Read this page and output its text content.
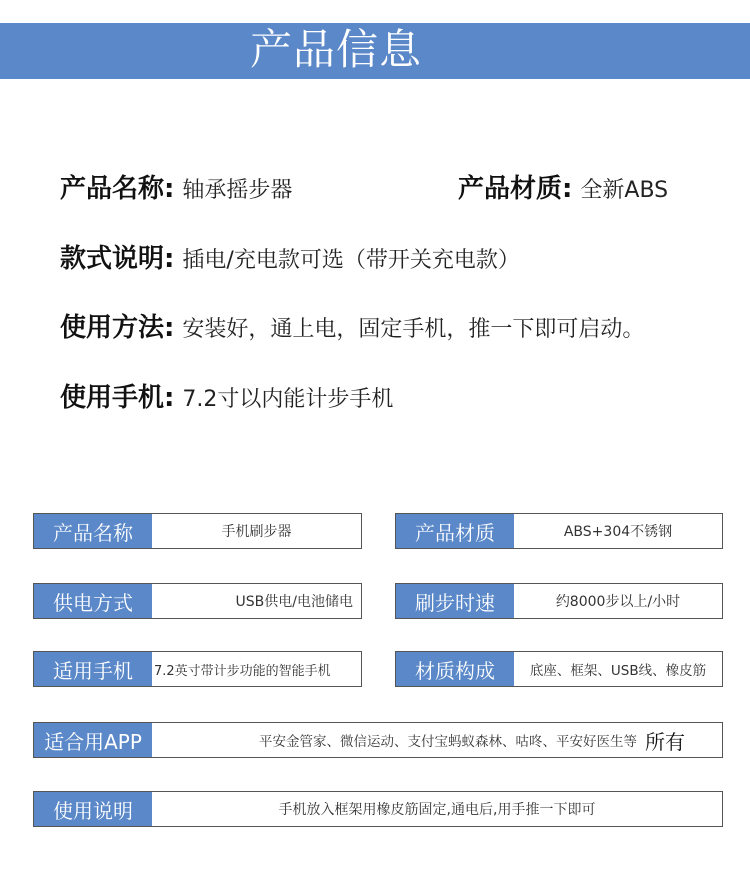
产品信息
产品名称: 轴承摇步器	产品材质: 全新ABS
款式说明: 插电/充电款可选（带开关充电款）
使用方法: 安装好，通上电，固定手机，推一下即可启动。
使用手机: 7.2寸以内能计步手机
产品名称	手机刷步器	产品材质	ABS+304不锈钢
供电方式	USB供电/电池储电	刷步时速	约8000步以上/小时
适用手机	7.2英寸带计步功能的智能手机	材质构成	底座、框架、USB线、橡皮筋
适合用APP	平安金管家、微信运动、支付宝蚂蚁森林、咕咚、平安好医生等 所有
使用说明	手机放入框架用橡皮筋固定,通电后,用手推一下即可
